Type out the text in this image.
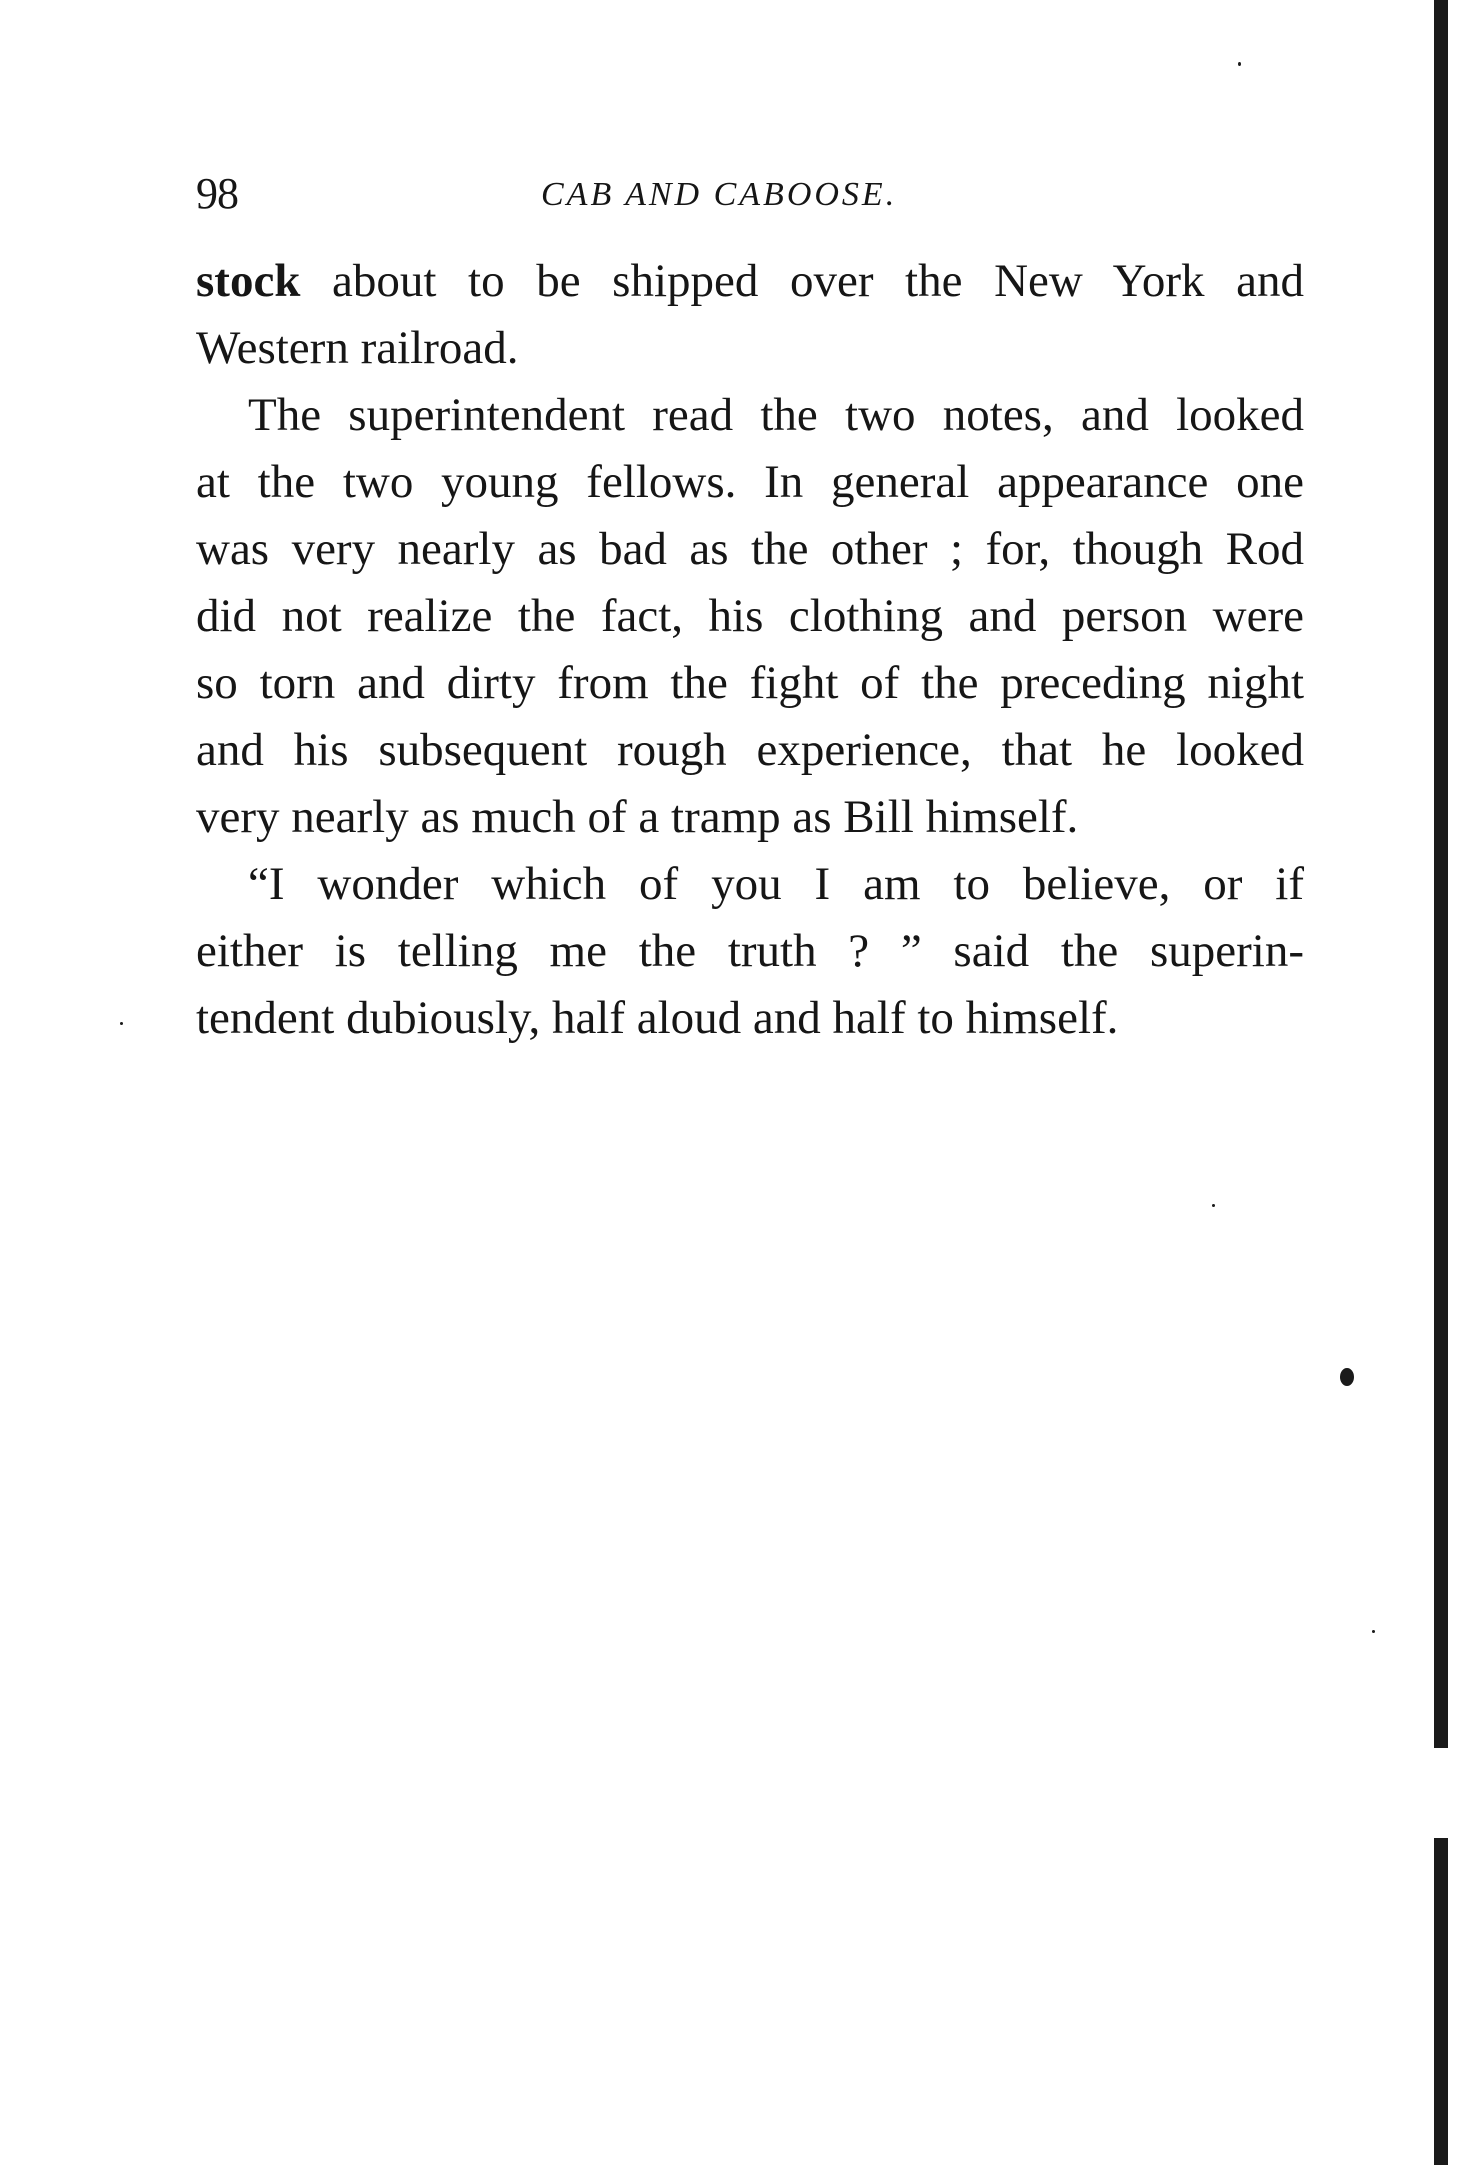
98	CAB AND CABOOSE.

stock about to be shipped over the New York and
Western railroad.

The superintendent read the two notes, and looked
at the two young fellows. In general appearance one
was very nearly as bad as the other ; for, though Rod
did not realize the fact, his clothing and person were
so torn and dirty from the fight of the preceding night
and his subsequent rough experience, that he looked
very nearly as much of a tramp as Bill himself.

“I wonder which of you I am to believe, or if
either is telling me the truth ? ” said the superin-
tendent dubiously, half aloud and half to himself.
